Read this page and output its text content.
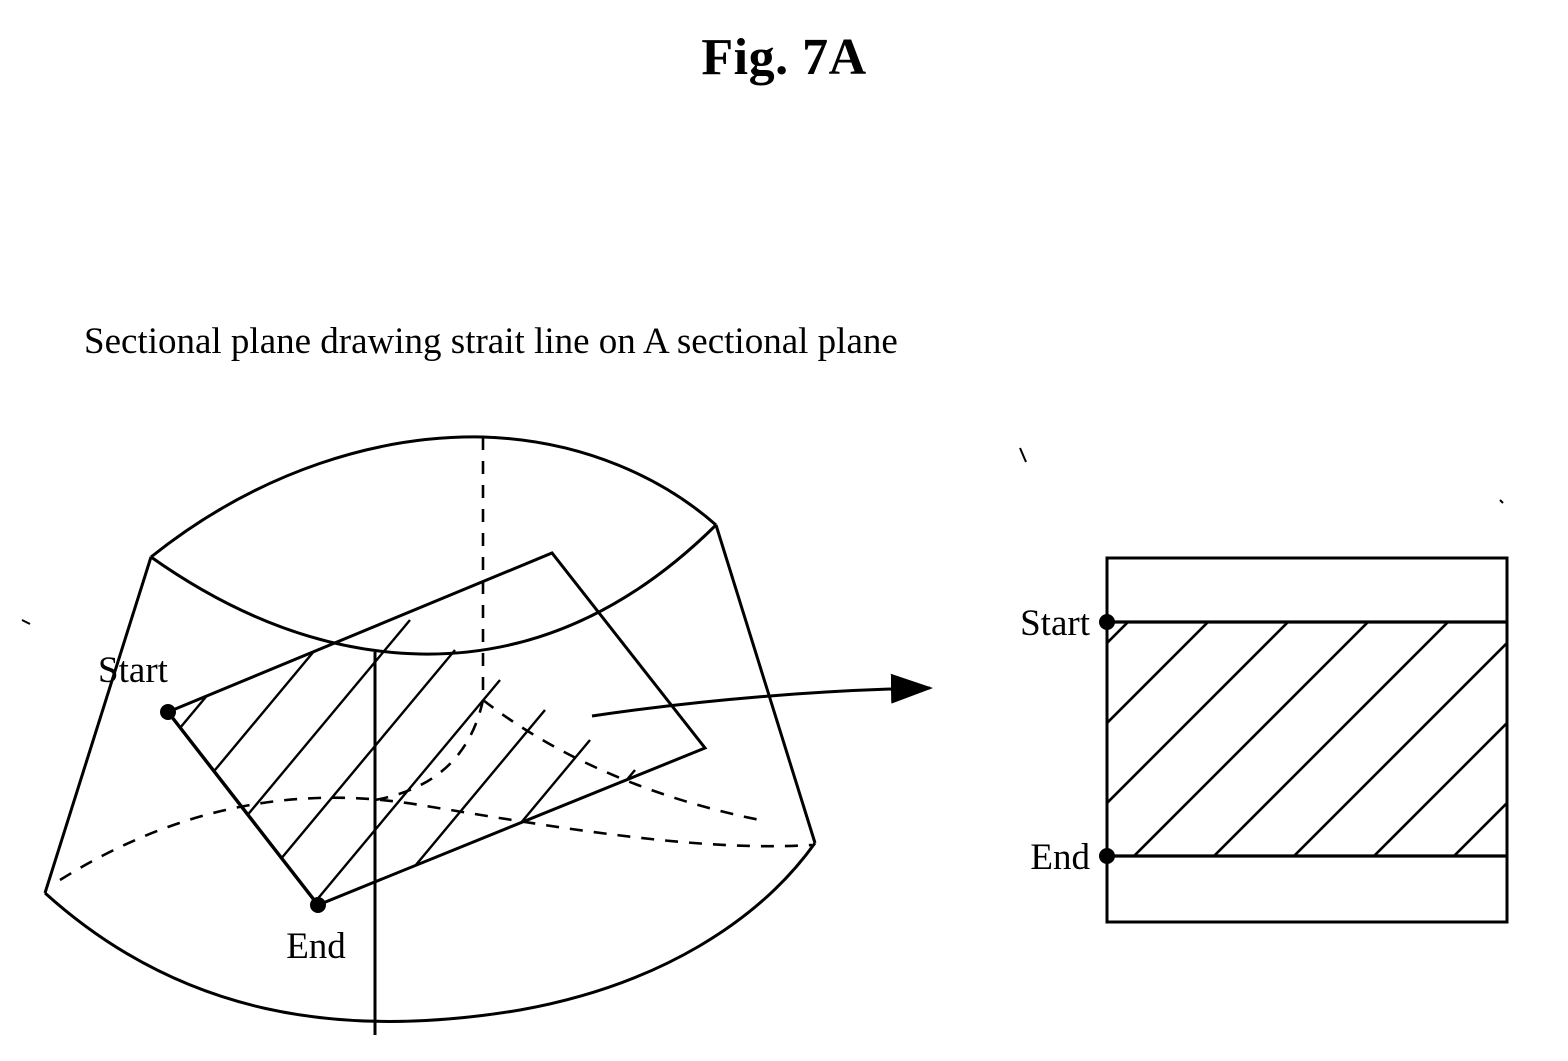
Fig. 7A
Sectional plane drawing strait line on A sectional plane
Start
End
Start
End
